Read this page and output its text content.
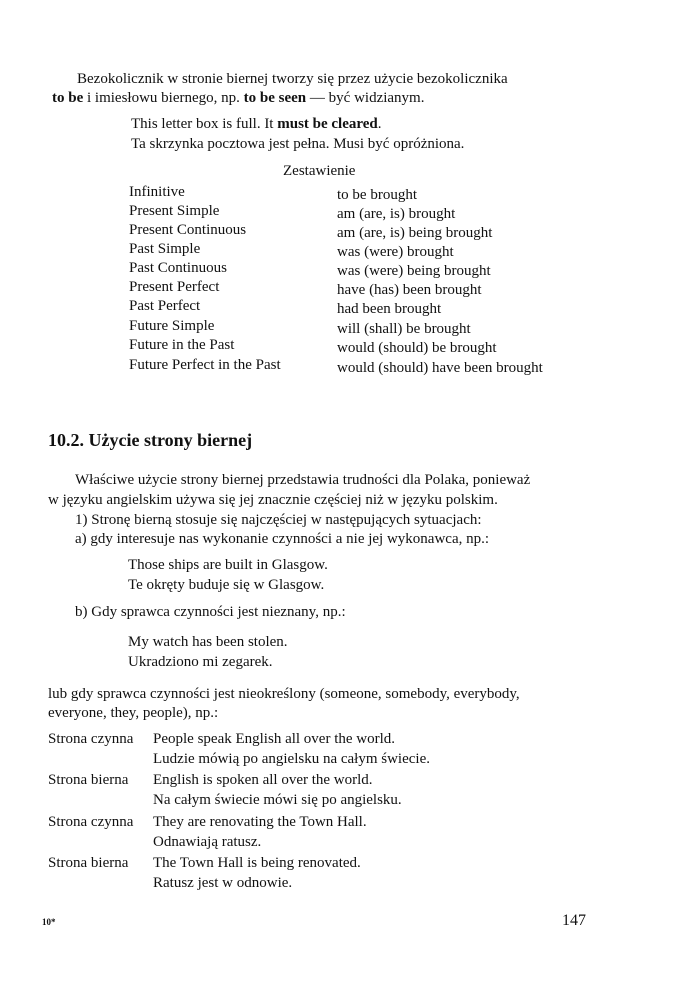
Bezokolicznik w stronie biernej tworzy się przez użycie bezokolicznika
to be i imiesłowu biernego, np. to be seen — być widzianym.
This letter box is full. It must be cleared.
Ta skrzynka pocztowa jest pełna. Musi być opróżniona.
Zestawienie
Infinitive	to be brought
Present Simple	am (are, is) brought
Present Continuous	am (are, is) being brought
Past Simple	was (were) brought
Past Continuous	was (were) being brought
Present Perfect	have (has) been brought
Past Perfect	had been brought
Future Simple	will (shall) be brought
Future in the Past	would (should) be brought
Future Perfect in the Past	would (should) have been brought
10.2. Użycie strony biernej
Właściwe użycie strony biernej przedstawia trudności dla Polaka, ponieważ
w języku angielskim używa się jej znacznie częściej niż w języku polskim.
1) Stronę bierną stosuje się najczęściej w następujących sytuacjach:
a) gdy interesuje nas wykonanie czynności a nie jej wykonawca, np.:
Those ships are built in Glasgow.
Te okręty buduje się w Glasgow.
b) Gdy sprawca czynności jest nieznany, np.:
My watch has been stolen.
Ukradziono mi zegarek.
lub gdy sprawca czynności jest nieokreślony (someone, somebody, everybody,
everyone, they, people), np.:
Strona czynna People speak English all over the world.
Ludzie mówią po angielsku na całym świecie.
Strona bierna English is spoken all over the world.
Na całym świecie mówi się po angielsku.
Strona czynna They are renovating the Town Hall.
Odnawiają ratusz.
Strona bierna The Town Hall is being renovated.
Ratusz jest w odnowie.
10*	147
